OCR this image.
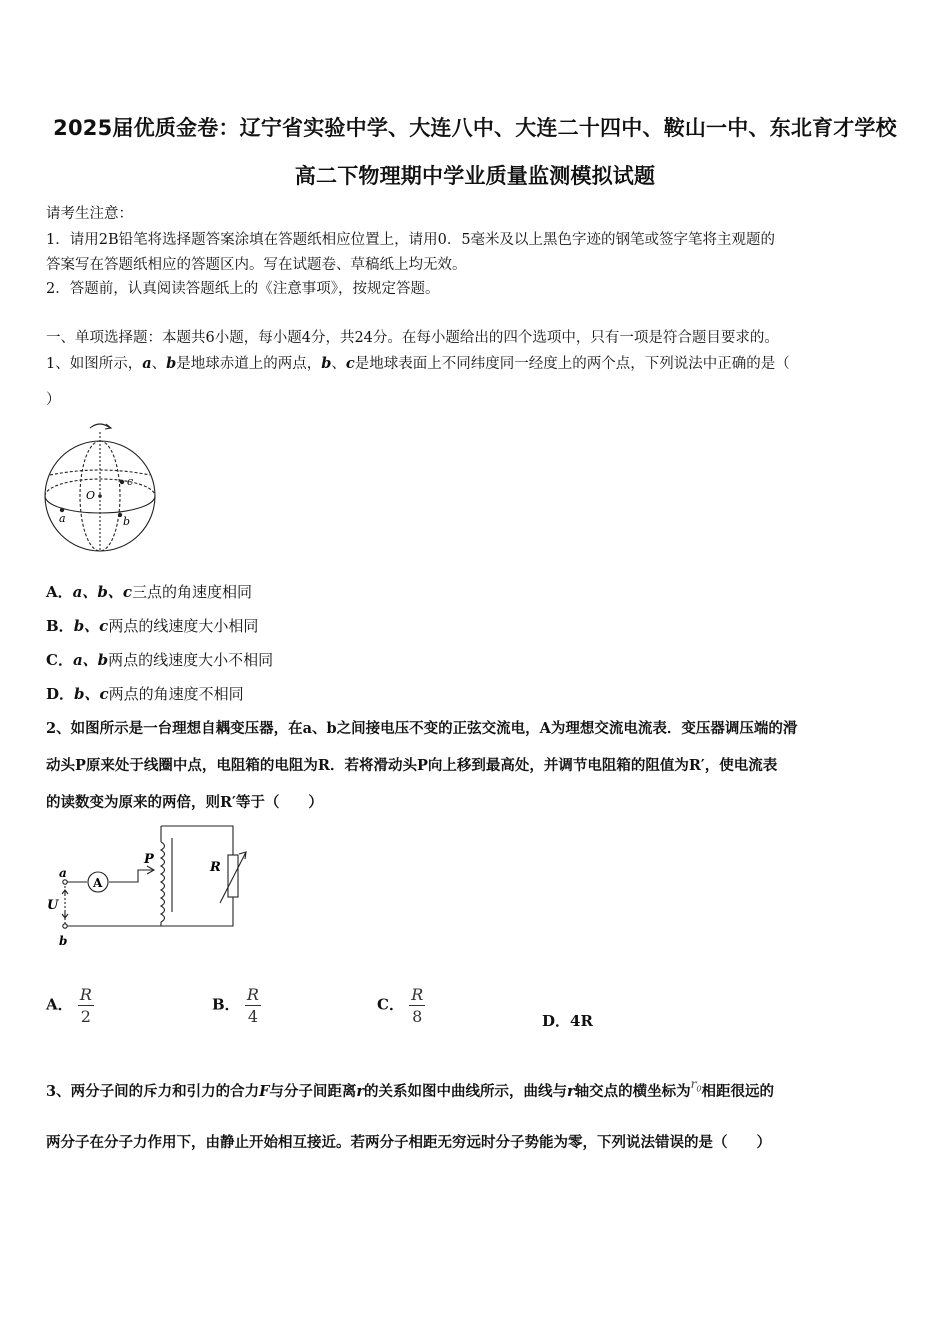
2025届优质金卷：辽宁省实验中学、大连八中、大连二十四中、鞍山一中、东北育才学校
高二下物理期中学业质量监测模拟试题
请考生注意：
1．请用2B铅笔将选择题答案涂填在答题纸相应位置上，请用0．5毫米及以上黑色字迹的钢笔或签字笔将主观题的
答案写在答题纸相应的答题区内。写在试题卷、草稿纸上均无效。
2．答题前，认真阅读答题纸上的《注意事项》，按规定答题。
一、单项选择题：本题共6小题，每小题4分，共24分。在每小题给出的四个选项中，只有一项是符合题目要求的。
1、如图所示，a、b是地球赤道上的两点，b、c是地球表面上不同纬度同一经度上的两个点，下列说法中正确的是（
）
O
c
a	b
A．a、b、c三点的角速度相同
B．b、c两点的线速度大小相同
C．a、b两点的线速度大小不相同
D．b、c两点的角速度不相同
2、如图所示是一台理想自耦变压器，在a、b之间接电压不变的正弦交流电，A为理想交流电流表．变压器调压端的滑
动头P原来处于线圈中点，电阻箱的电阻为R．若将滑动头P向上移到最高处，并调节电阻箱的阻值为R′，使电流表
的读数变为原来的两倍，则R′等于（　　）
a
b
U
A
P
R
A． $\frac{R}{2}$	B． $\frac{R}{4}$	C． $\frac{R}{8}$	D．4R
3、两分子间的斥力和引力的合力F与分子间距离r的关系如图中曲线所示，曲线与r轴交点的横坐标为$^{r_0}$相距很远的
两分子在分子力作用下，由静止开始相互接近。若两分子相距无穷远时分子势能为零，下列说法错误的是（　　）
